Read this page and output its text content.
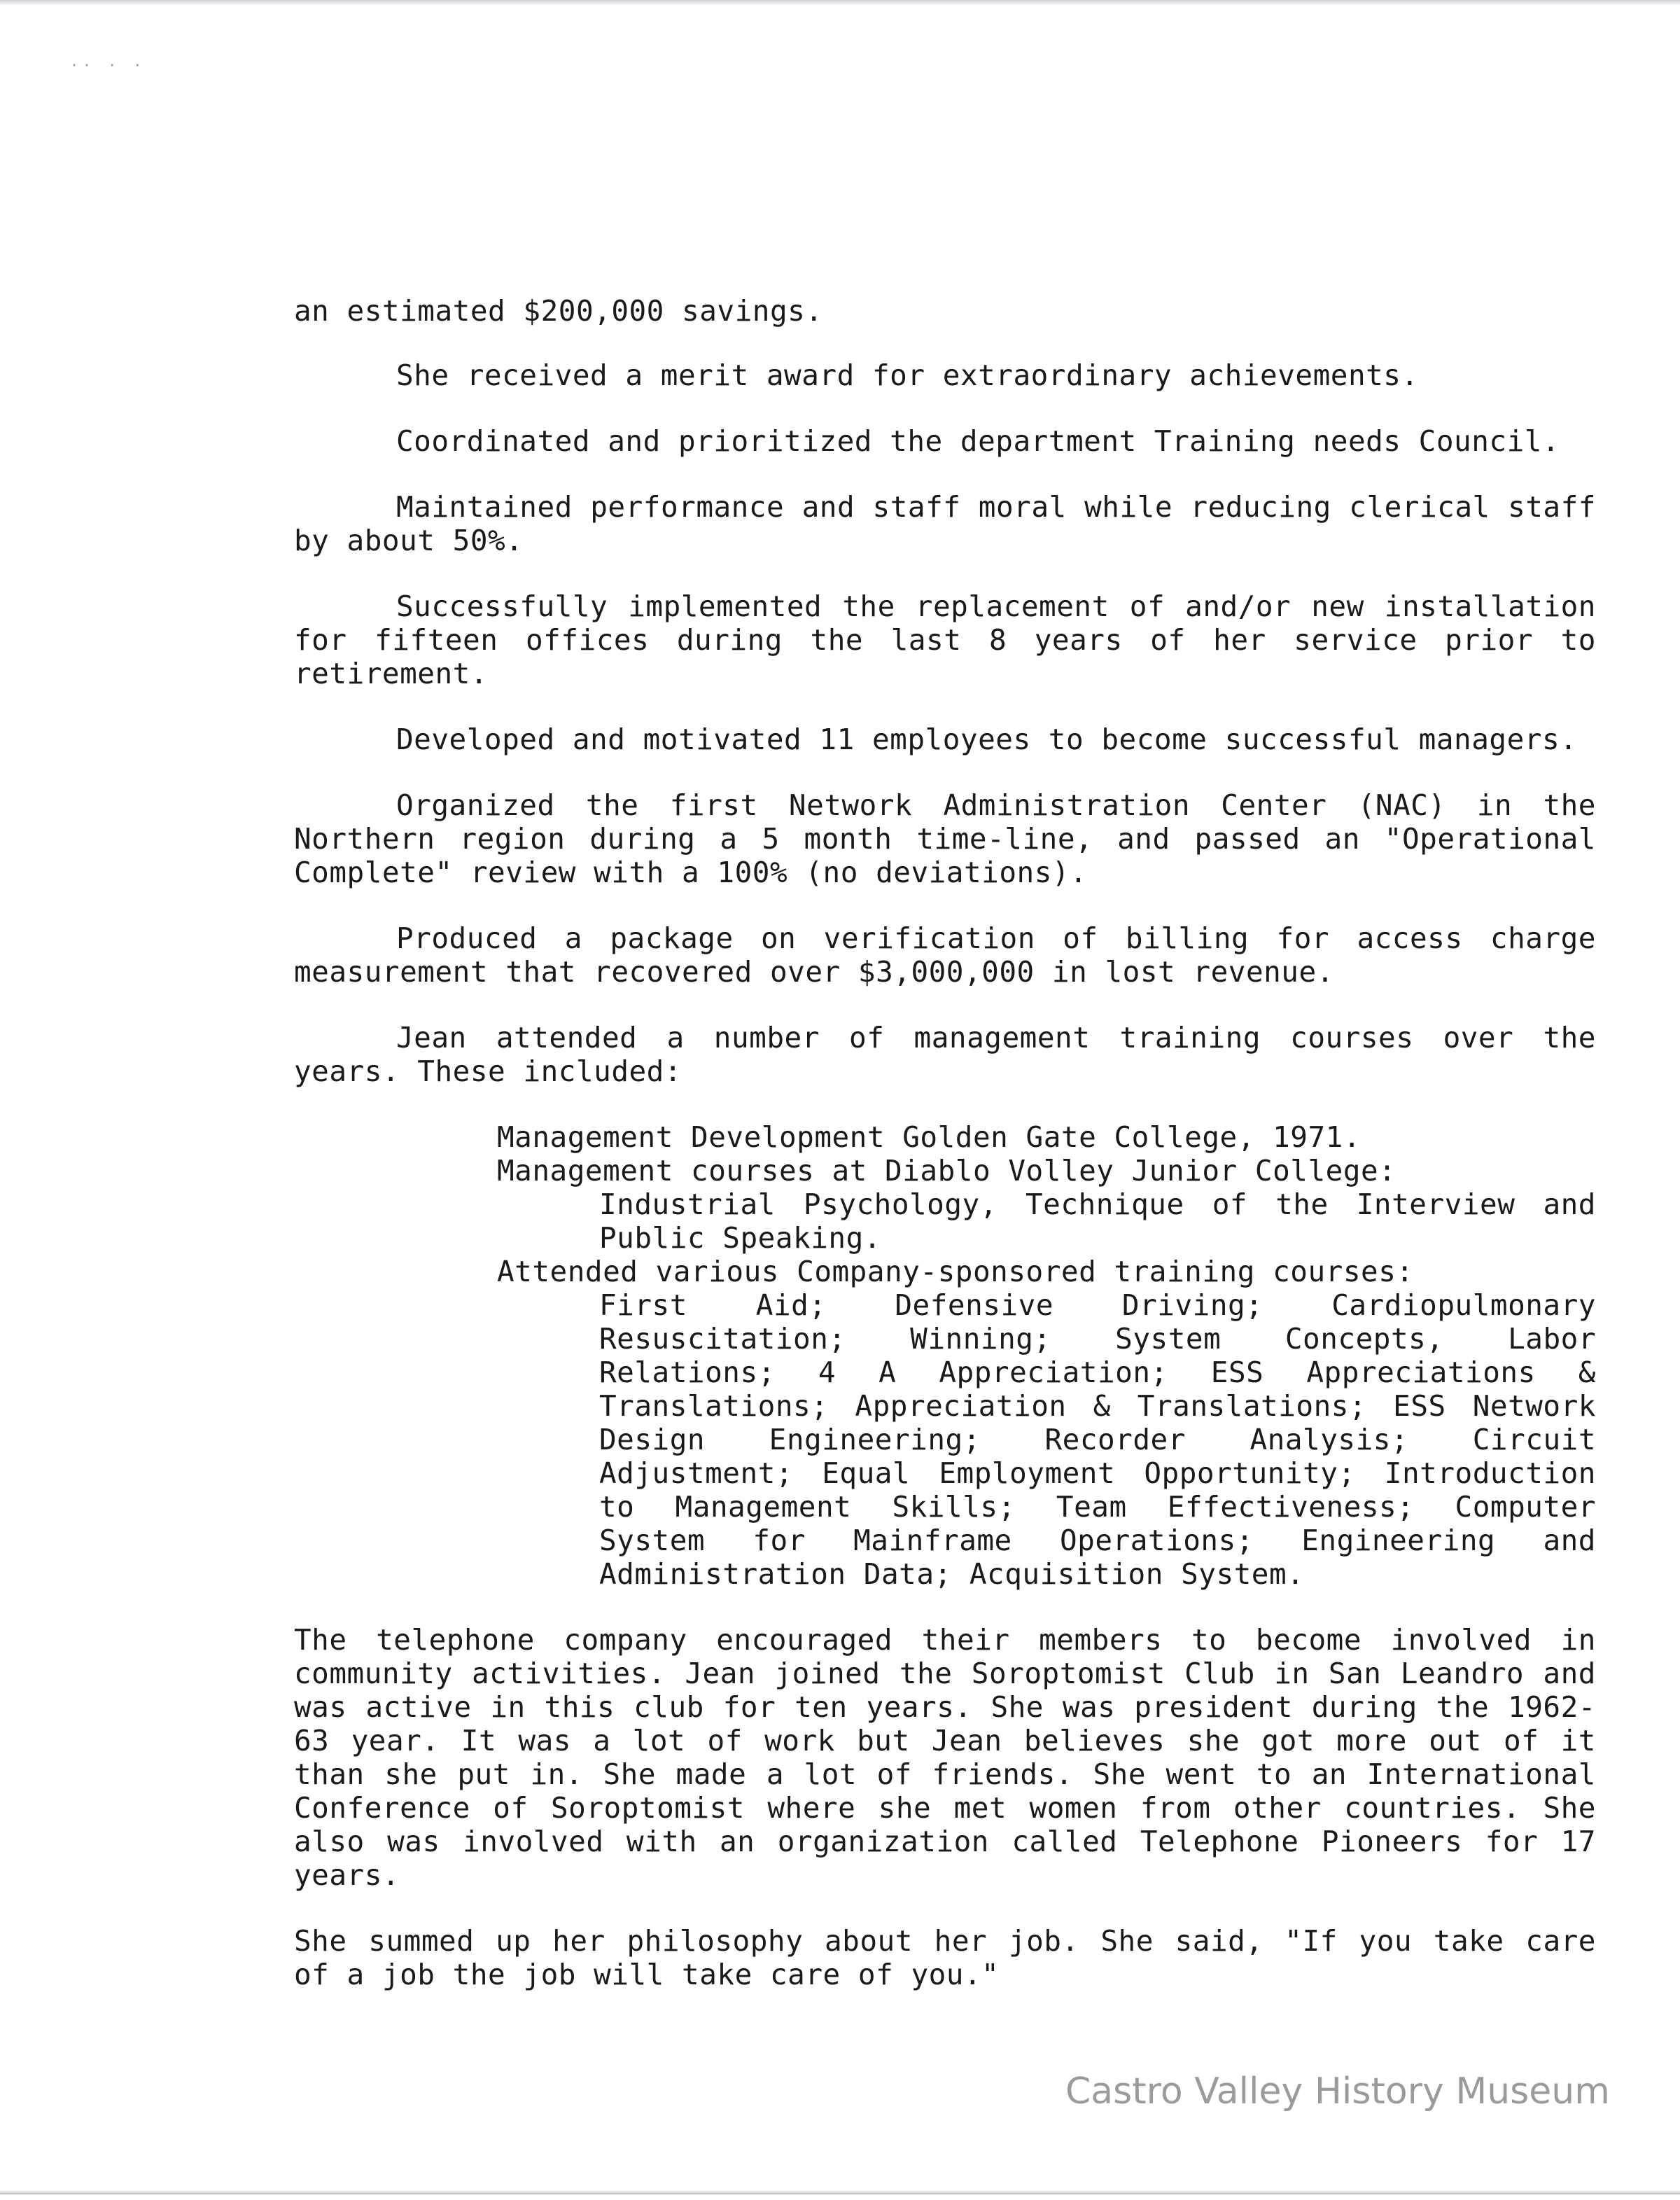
·· · ·

an estimated $200,000 savings.

She received a merit award for extraordinary achievements.

Coordinated and prioritized the department Training needs Council.

Maintained performance and staff moral while reducing clerical staff by about 50%.

Successfully implemented the replacement of and/or new installation for fifteen offices during the last 8 years of her service prior to retirement.

Developed and motivated 11 employees to become successful managers.

Organized the first Network Administration Center (NAC) in the Northern region during a 5 month time-line, and passed an "Operational Complete" review with a 100% (no deviations).

Produced a package on verification of billing for access charge measurement that recovered over $3,000,000 in lost revenue.

Jean attended a number of management training courses over the years. These included:

Management Development Golden Gate College, 1971.
Management courses at Diablo Volley Junior College:
Industrial Psychology, Technique of the Interview and Public Speaking.
Attended various Company-sponsored training courses:
First Aid; Defensive Driving; Cardiopulmonary Resuscitation; Winning; System Concepts, Labor Relations; 4 A Appreciation; ESS Appreciations & Translations; Appreciation & Translations; ESS Network Design Engineering; Recorder Analysis; Circuit Adjustment; Equal Employment Opportunity; Introduction to Management Skills; Team Effectiveness; Computer System for Mainframe Operations; Engineering and Administration Data; Acquisition System.

The telephone company encouraged their members to become involved in community activities. Jean joined the Soroptomist Club in San Leandro and was active in this club for ten years. She was president during the 1962-63 year. It was a lot of work but Jean believes she got more out of it than she put in. She made a lot of friends. She went to an International Conference of Soroptomist where she met women from other countries. She also was involved with an organization called Telephone Pioneers for 17 years.

She summed up her philosophy about her job. She said, "If you take care of a job the job will take care of you."

Castro Valley History Museum
